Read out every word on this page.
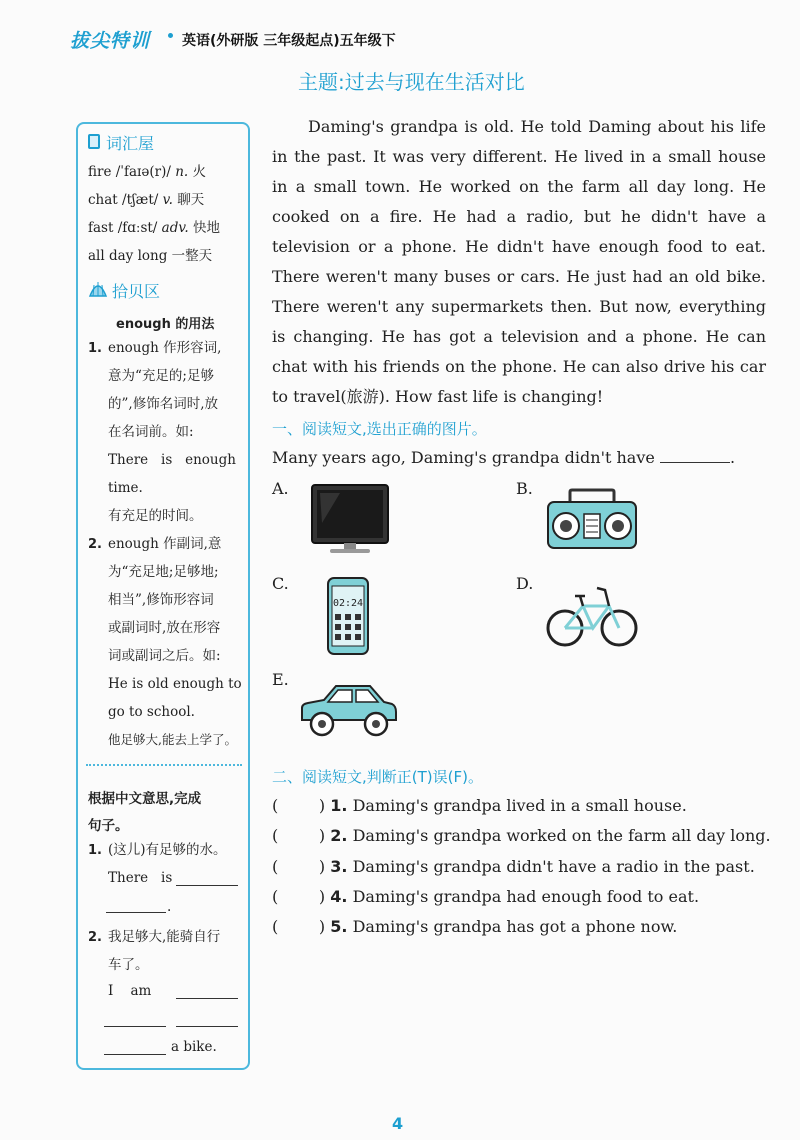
拔尖特训 英语(外研版 三年级起点)五年级下
主题:过去与现在生活对比
词汇屋
fire /ˈfaɪə(r)/ n. 火
chat /tʃæt/ v. 聊天
fast /fɑːst/ adv. 快地
all day long 一整天
拾贝区
enough 的用法
1. enough 作形容词,
意为“充足的;足够
的”,修饰名词时,放
在名词前。如:
There   is   enough
time.
有充足的时间。
2. enough 作副词,意
为“充足地;足够地;
相当”,修饰形容词
或副词时,放在形容
词或副词之后。如:
He is old enough to
go to school.
他足够大,能去上学了。
根据中文意思,完成
句子。
1. (这儿)有足够的水。
There   is
.
2. 我足够大,能骑自行
车了。
I    am
a bike.
Daming's grandpa is old. He told Daming about his life in the past. It was very different. He lived in a small house in a small town. He worked on the farm all day long. He cooked on a fire. He had a radio, but he didn't have a television or a phone. He didn't have enough food to eat. There weren't many buses or cars. He just had an old bike. There weren't any supermarkets then. But now, everything is changing. He has got a television and a phone. He can chat with his friends on the phone. He can also drive his car to travel(旅游). How fast life is changing!
一、阅读短文,选出正确的图片。
Many years ago, Daming's grandpa didn't have	.
A.	B.
C.
02:24
D.
E.
二、阅读短文,判断正(T)误(F)。
(        ) 1. Daming's grandpa lived in a small house.
(        ) 2. Daming's grandpa worked on the farm all day long.
(        ) 3. Daming's grandpa didn't have a radio in the past.
(        ) 4. Daming's grandpa had enough food to eat.
(        ) 5. Daming's grandpa has got a phone now.
4
